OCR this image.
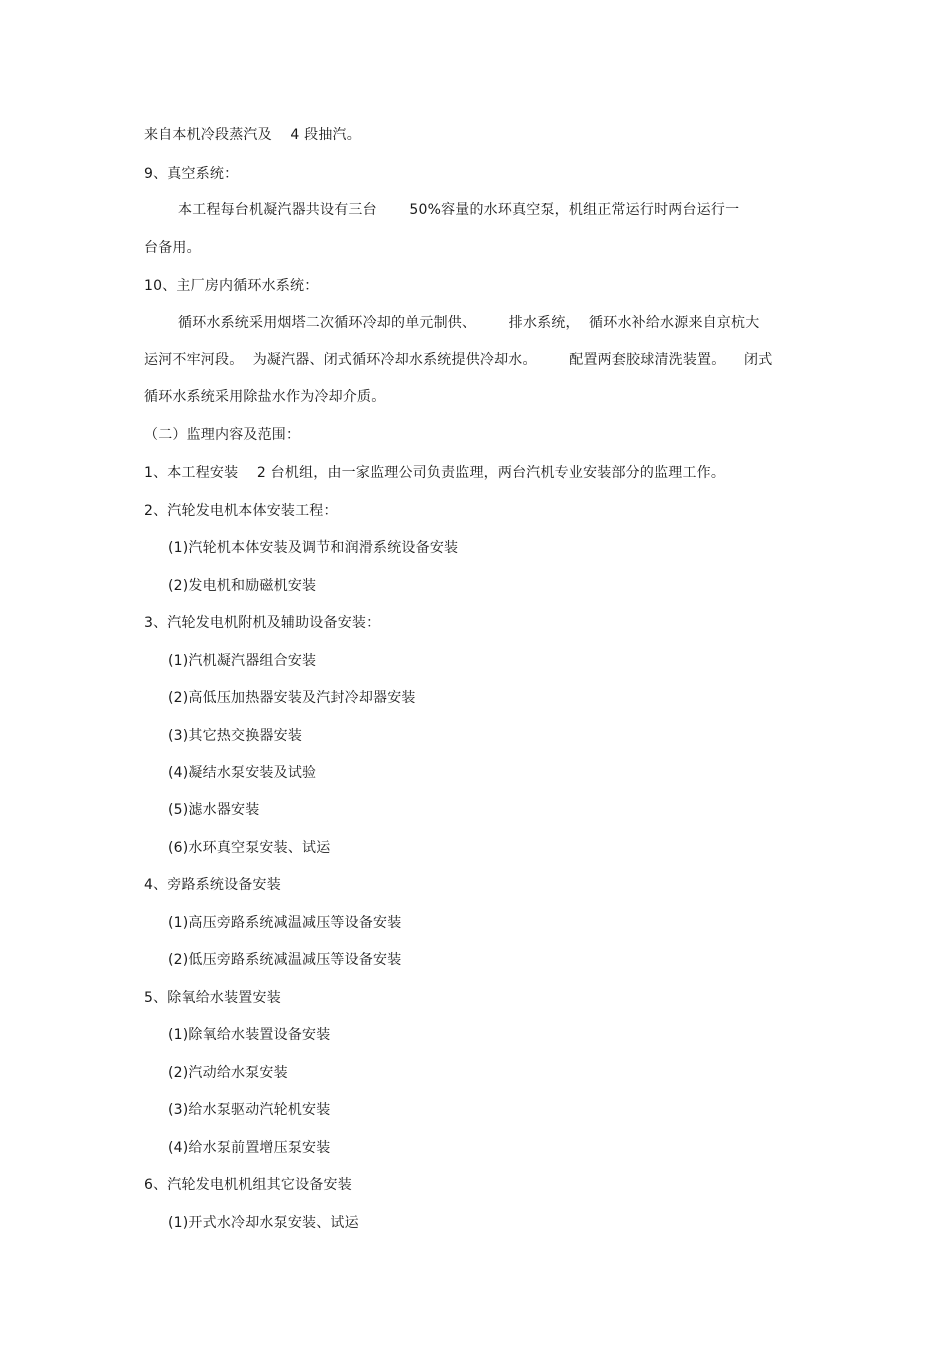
来自本机冷段蒸汽及    4 段抽汽。
9、真空系统：
本工程每台机凝汽器共设有三台       50%容量的水环真空泵，机组正常运行时两台运行一
台备用。
10、主厂房内循环水系统：
循环水系统采用烟塔二次循环冷却的单元制供、       排水系统，  循环水补给水源来自京杭大
运河不牢河段。  为凝汽器、闭式循环冷却水系统提供冷却水。       配置两套胶球清洗装置。    闭式
循环水系统采用除盐水作为冷却介质。
（二）监理内容及范围：
1、本工程安装    2 台机组，由一家监理公司负责监理，两台汽机专业安装部分的监理工作。
2、汽轮发电机本体安装工程：
(1)汽轮机本体安装及调节和润滑系统设备安装
(2)发电机和励磁机安装
3、汽轮发电机附机及辅助设备安装：
(1)汽机凝汽器组合安装
(2)高低压加热器安装及汽封冷却器安装
(3)其它热交换器安装
(4)凝结水泵安装及试验
(5)滤水器安装
(6)水环真空泵安装、试运
4、旁路系统设备安装
(1)高压旁路系统减温减压等设备安装
(2)低压旁路系统减温减压等设备安装
5、除氧给水装置安装
(1)除氧给水装置设备安装
(2)汽动给水泵安装
(3)给水泵驱动汽轮机安装
(4)给水泵前置增压泵安装
6、汽轮发电机机组其它设备安装
(1)开式水冷却水泵安装、试运
